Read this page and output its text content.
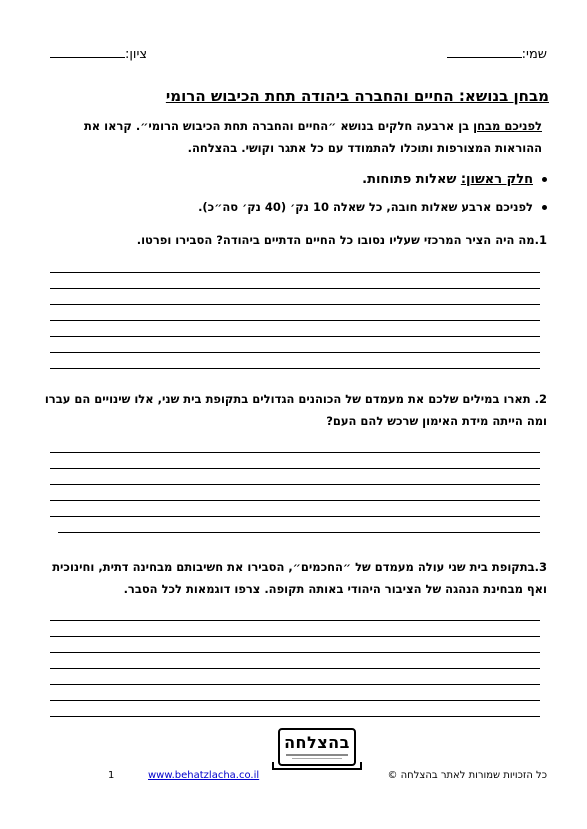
שמי:
ציון:
מבחן בנושא: החיים והחברה ביהודה תחת הכיבוש הרומי
לפניכם מבחן בן ארבעה חלקים בנושא ״החיים והחברה תחת הכיבוש הרומי״. קראו את
ההוראות המצורפות ותוכלו להתמודד עם כל אתגר וקושי. בהצלחה.
חלק ראשון: שאלות פתוחות.
לפניכם ארבע שאלות חובה, כל שאלה 10 נק׳ (40 נק׳ סה״כ).
1.מה היה הציר המרכזי שעליו נסובו כל החיים הדתיים ביהודה? הסבירו ופרטו.
2. תארו במילים שלכם את מעמדם של הכוהנים הגדולים בתקופת בית שני, אלו שינויים הם עברו
ומה הייתה מידת האימון שרכש להם העם?
3.בתקופת בית שני עולה מעמדם של ״החכמים״, הסבירו את חשיבותם מבחינה דתית, וחינוכית
ואף מבחינת הנהגה של הציבור היהודי באותה תקופה. צרפו דוגמאות לכל הסבר.
בהצלחה
כל הזכויות שמורות לאתר בהצלחה ©
www.behatzlacha.co.il
1
